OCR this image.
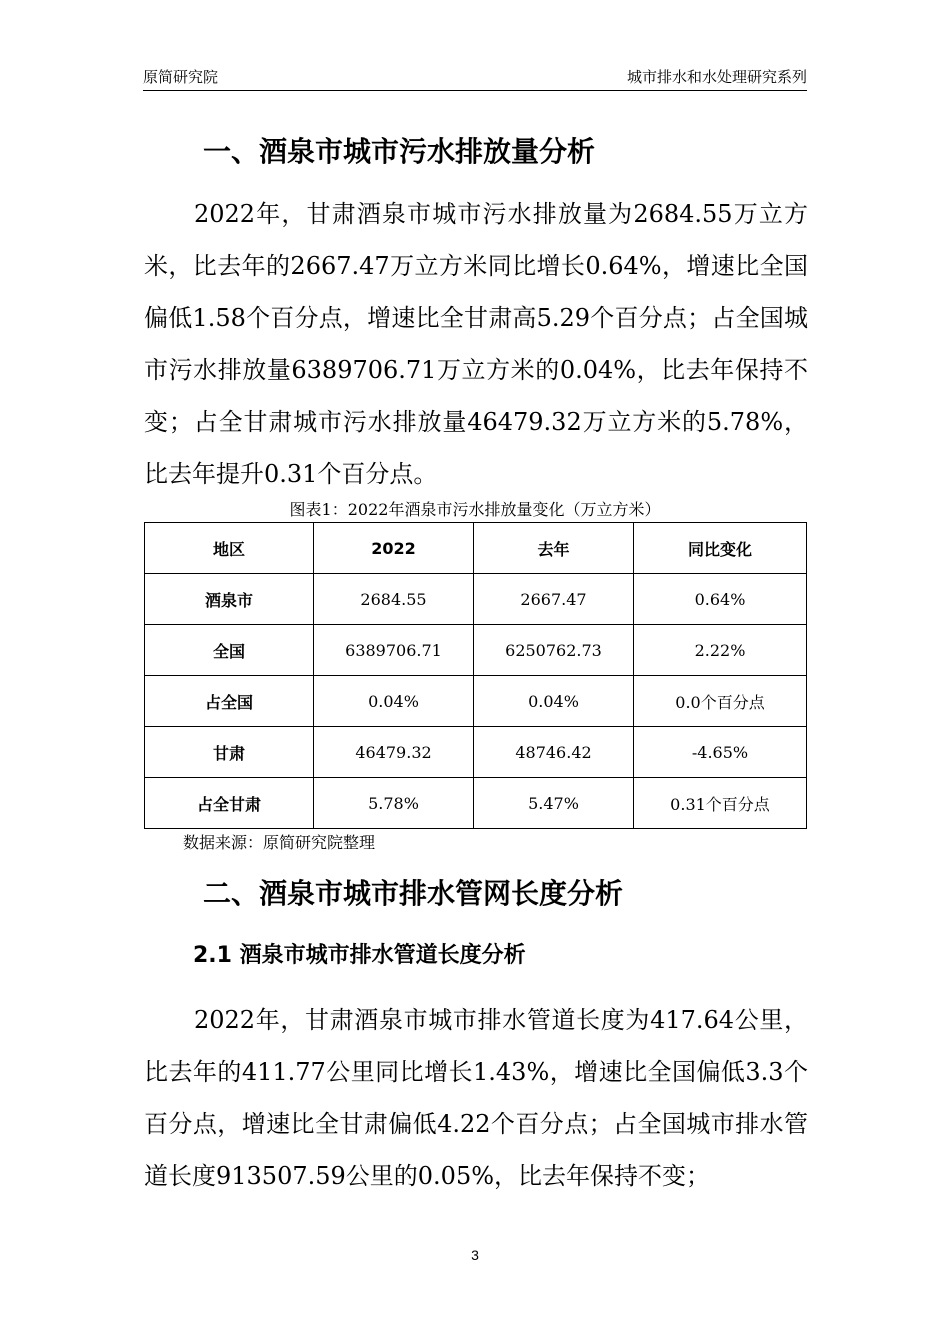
原简研究院	城市排水和水处理研究系列
一、酒泉市城市污水排放量分析

2022年，甘肃酒泉市城市污水排放量为2684.55万立方米，比去年的2667.47万立方米同比增长0.64%，增速比全国偏低1.58个百分点，增速比全甘肃高5.29个百分点；占全国城市污水排放量6389706.71万立方米的0.04%，比去年保持不变；占全甘肃城市污水排放量46479.32万立方米的5.78%，比去年提升0.31个百分点。

图表1：2022年酒泉市污水排放量变化（万立方米）
地区	2022	去年	同比变化
酒泉市	2684.55	2667.47	0.64%
全国	6389706.71	6250762.73	2.22%
占全国	0.04%	0.04%	0.0个百分点
甘肃	46479.32	48746.42	-4.65%
占全甘肃	5.78%	5.47%	0.31个百分点
数据来源：原简研究院整理
二、酒泉市城市排水管网长度分析
2.1 酒泉市城市排水管道长度分析

2022年，甘肃酒泉市城市排水管道长度为417.64公里，比去年的411.77公里同比增长1.43%，增速比全国偏低3.3个百分点，增速比全甘肃偏低4.22个百分点；占全国城市排水管道长度913507.59公里的0.05%，比去年保持不变；

3
